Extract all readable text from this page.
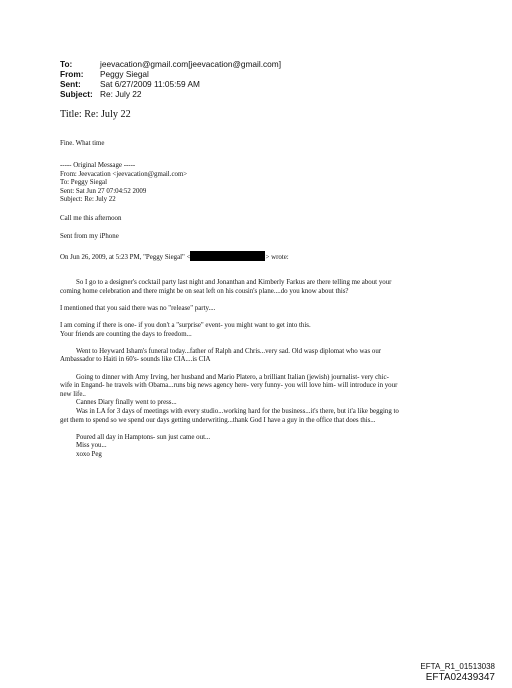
To:	jeevacation@gmail.com[jeevacation@gmail.com]
From:	Peggy Siegal
Sent:	Sat 6/27/2009 11:05:59 AM
Subject: Re: July 22
Title: Re: July 22
Fine. What time
----- Original Message -----
From: Jeevacation <jeevacation@gmail.com>
To: Peggy Siegal
Sent: Sat Jun 27 07:04:52 2009
Subject: Re: July 22
Call me this afternoon
Sent from my iPhone
On Jun 26, 2009, at 5:23 PM, "Peggy Siegal" <	> wrote:
So I go to a designer's cocktail party last night and Jonanthan and Kimberly Farkus are there telling me about your
coming home celebration and there might be on seat left on his cousin's plane....do you know about this?
I mentioned that you said there was no "release" party....
I am coming if there is one- if you don't a "surprise" event- you might want to get into this.
Your friends are counting the days to freedom...
Went to Heyward Isham's funeral today...father of Ralph and Chris...very sad. Old wasp diplomat who was our
Ambassador to Haiti in 60's- sounds like CIA....is CIA
Going to dinner with Amy Irving, her husband and Mario Platero, a brilliant Italian (jewish) journalist- very chic-
wife in Engand- he travels with Obama...runs big news agency here- very funny- you will love him- will introduce in your
new life..
Cannes Diary finally went to press...
Was in LA for 3 days of meetings with every studio...working hard for the business...it's there, but it'a like begging to
get them to spend so we spend our days getting underwriting...thank God I have a guy in the office that does this...
Poured all day in Hamptons- sun just came out...
Miss you...
xoxo Peg
EFTA_R1_01513038
EFTA02439347
